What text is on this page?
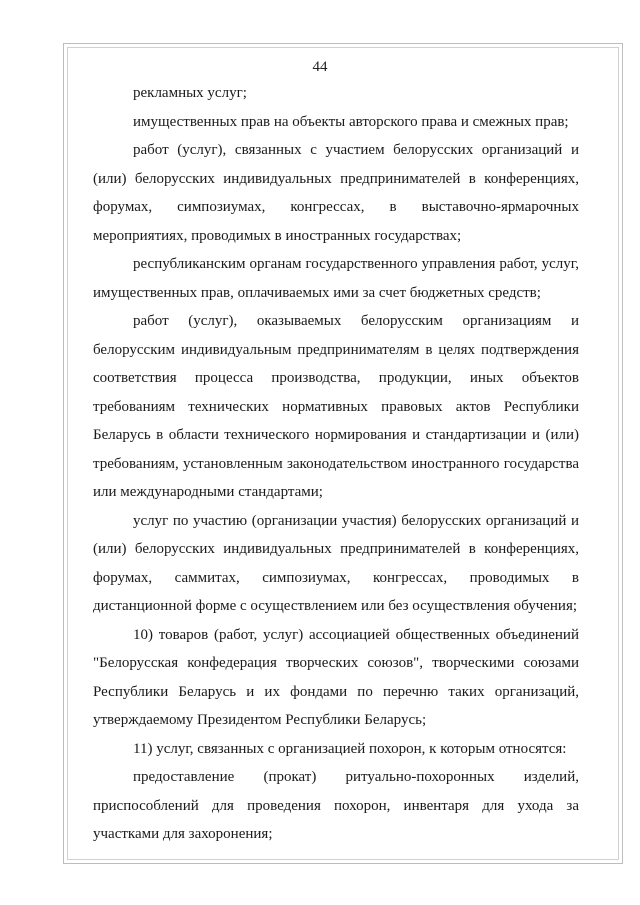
44

рекламных услуг;

имущественных прав на объекты авторского права и смежных прав;

работ (услуг), связанных с участием белорусских организаций и (или) белорусских индивидуальных предпринимателей в конференциях, форумах, симпозиумах, конгрессах, в выставочно-ярмарочных мероприятиях, проводимых в иностранных государствах;

республиканским органам государственного управления работ, услуг, имущественных прав, оплачиваемых ими за счет бюджетных средств;

работ (услуг), оказываемых белорусским организациям и белорусским индивидуальным предпринимателям в целях подтверждения соответствия процесса производства, продукции, иных объектов требованиям технических нормативных правовых актов Республики Беларусь в области технического нормирования и стандартизации и (или) требованиям, установленным законодательством иностранного государства или международными стандартами;

услуг по участию (организации участия) белорусских организаций и (или) белорусских индивидуальных предпринимателей в конференциях, форумах, саммитах, симпозиумах, конгрессах, проводимых в дистанционной форме с осуществлением или без осуществления обучения;

10) товаров (работ, услуг) ассоциацией общественных объединений "Белорусская конфедерация творческих союзов", творческими союзами Республики Беларусь и их фондами по перечню таких организаций, утверждаемому Президентом Республики Беларусь;

11) услуг, связанных с организацией похорон, к которым относятся:

предоставление (прокат) ритуально-похоронных изделий, приспособлений для проведения похорон, инвентаря для ухода за участками для захоронения;
